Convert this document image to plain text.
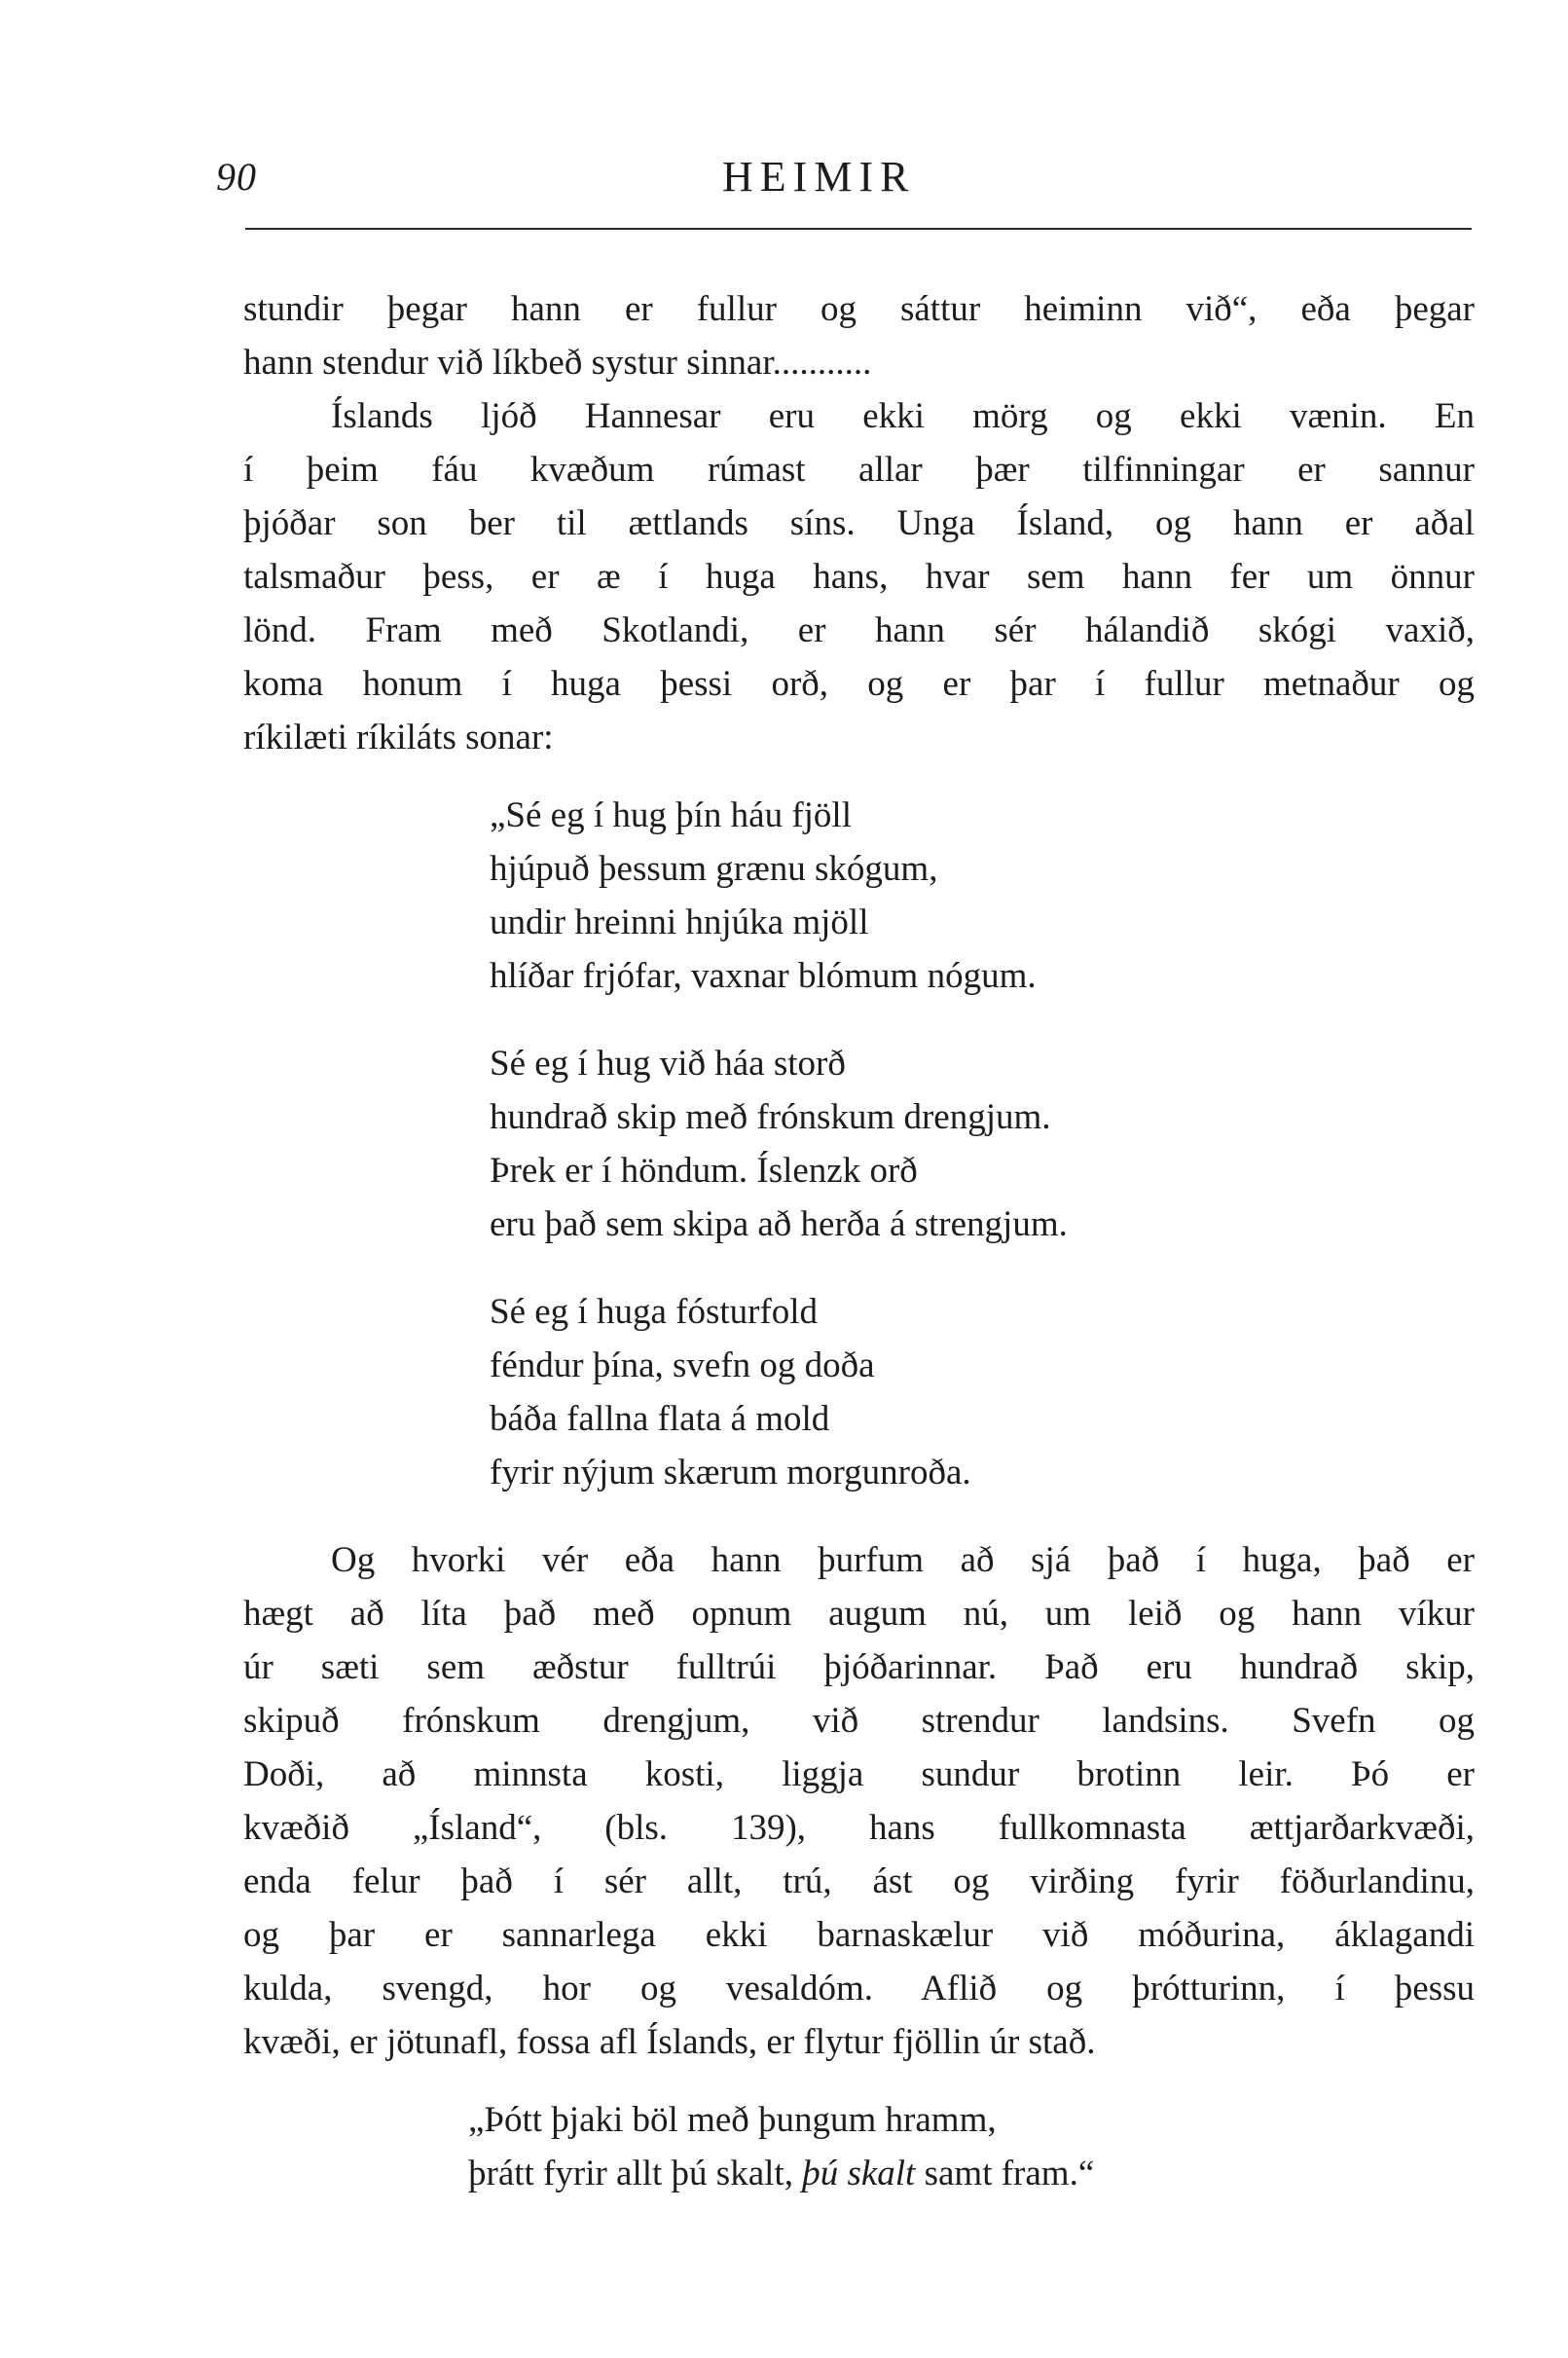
90	HEIMIR
stundir þegar hann er fullur og sáttur heiminn við“, eða þegar
hann stendur við líkbeð systur sinnar...........
Íslands ljóð Hannesar eru ekki mörg og ekki vænin. En
í þeim fáu kvæðum rúmast allar þær tilfinningar er sannur
þjóðar son ber til ættlands síns. Unga Ísland, og hann er aðal
talsmaður þess, er æ í huga hans, hvar sem hann fer um önnur
lönd. Fram með Skotlandi, er hann sér hálandið skógi vaxið,
koma honum í huga þessi orð, og er þar í fullur metnaður og
ríkilæti ríkiláts sonar:
„Sé eg í hug þín háu fjöll
hjúpuð þessum grænu skógum,
undir hreinni hnjúka mjöll
hlíðar frjófar, vaxnar blómum nógum.
Sé eg í hug við háa storð
hundrað skip með frónskum drengjum.
Þrek er í höndum. Íslenzk orð
eru það sem skipa að herða á strengjum.
Sé eg í huga fósturfold
féndur þína, svefn og doða
báða fallna flata á mold
fyrir nýjum skærum morgunroða.
Og hvorki vér eða hann þurfum að sjá það í huga, það er
hægt að líta það með opnum augum nú, um leið og hann víkur
úr sæti sem æðstur fulltrúi þjóðarinnar. Það eru hundrað skip,
skipuð frónskum drengjum, við strendur landsins. Svefn og
Doði, að minnsta kosti, liggja sundur brotinn leir. Þó er
kvæðið „Ísland“, (bls. 139), hans fullkomnasta ættjarðarkvæði,
enda felur það í sér allt, trú, ást og virðing fyrir föðurlandinu,
og þar er sannarlega ekki barnaskælur við móðurina, áklagandi
kulda, svengd, hor og vesaldóm. Aflið og þrótturinn, í þessu
kvæði, er jötunafl, fossa afl Íslands, er flytur fjöllin úr stað.
„Þótt þjaki böl með þungum hramm,
þrátt fyrir allt þú skalt, þú skalt samt fram.“
